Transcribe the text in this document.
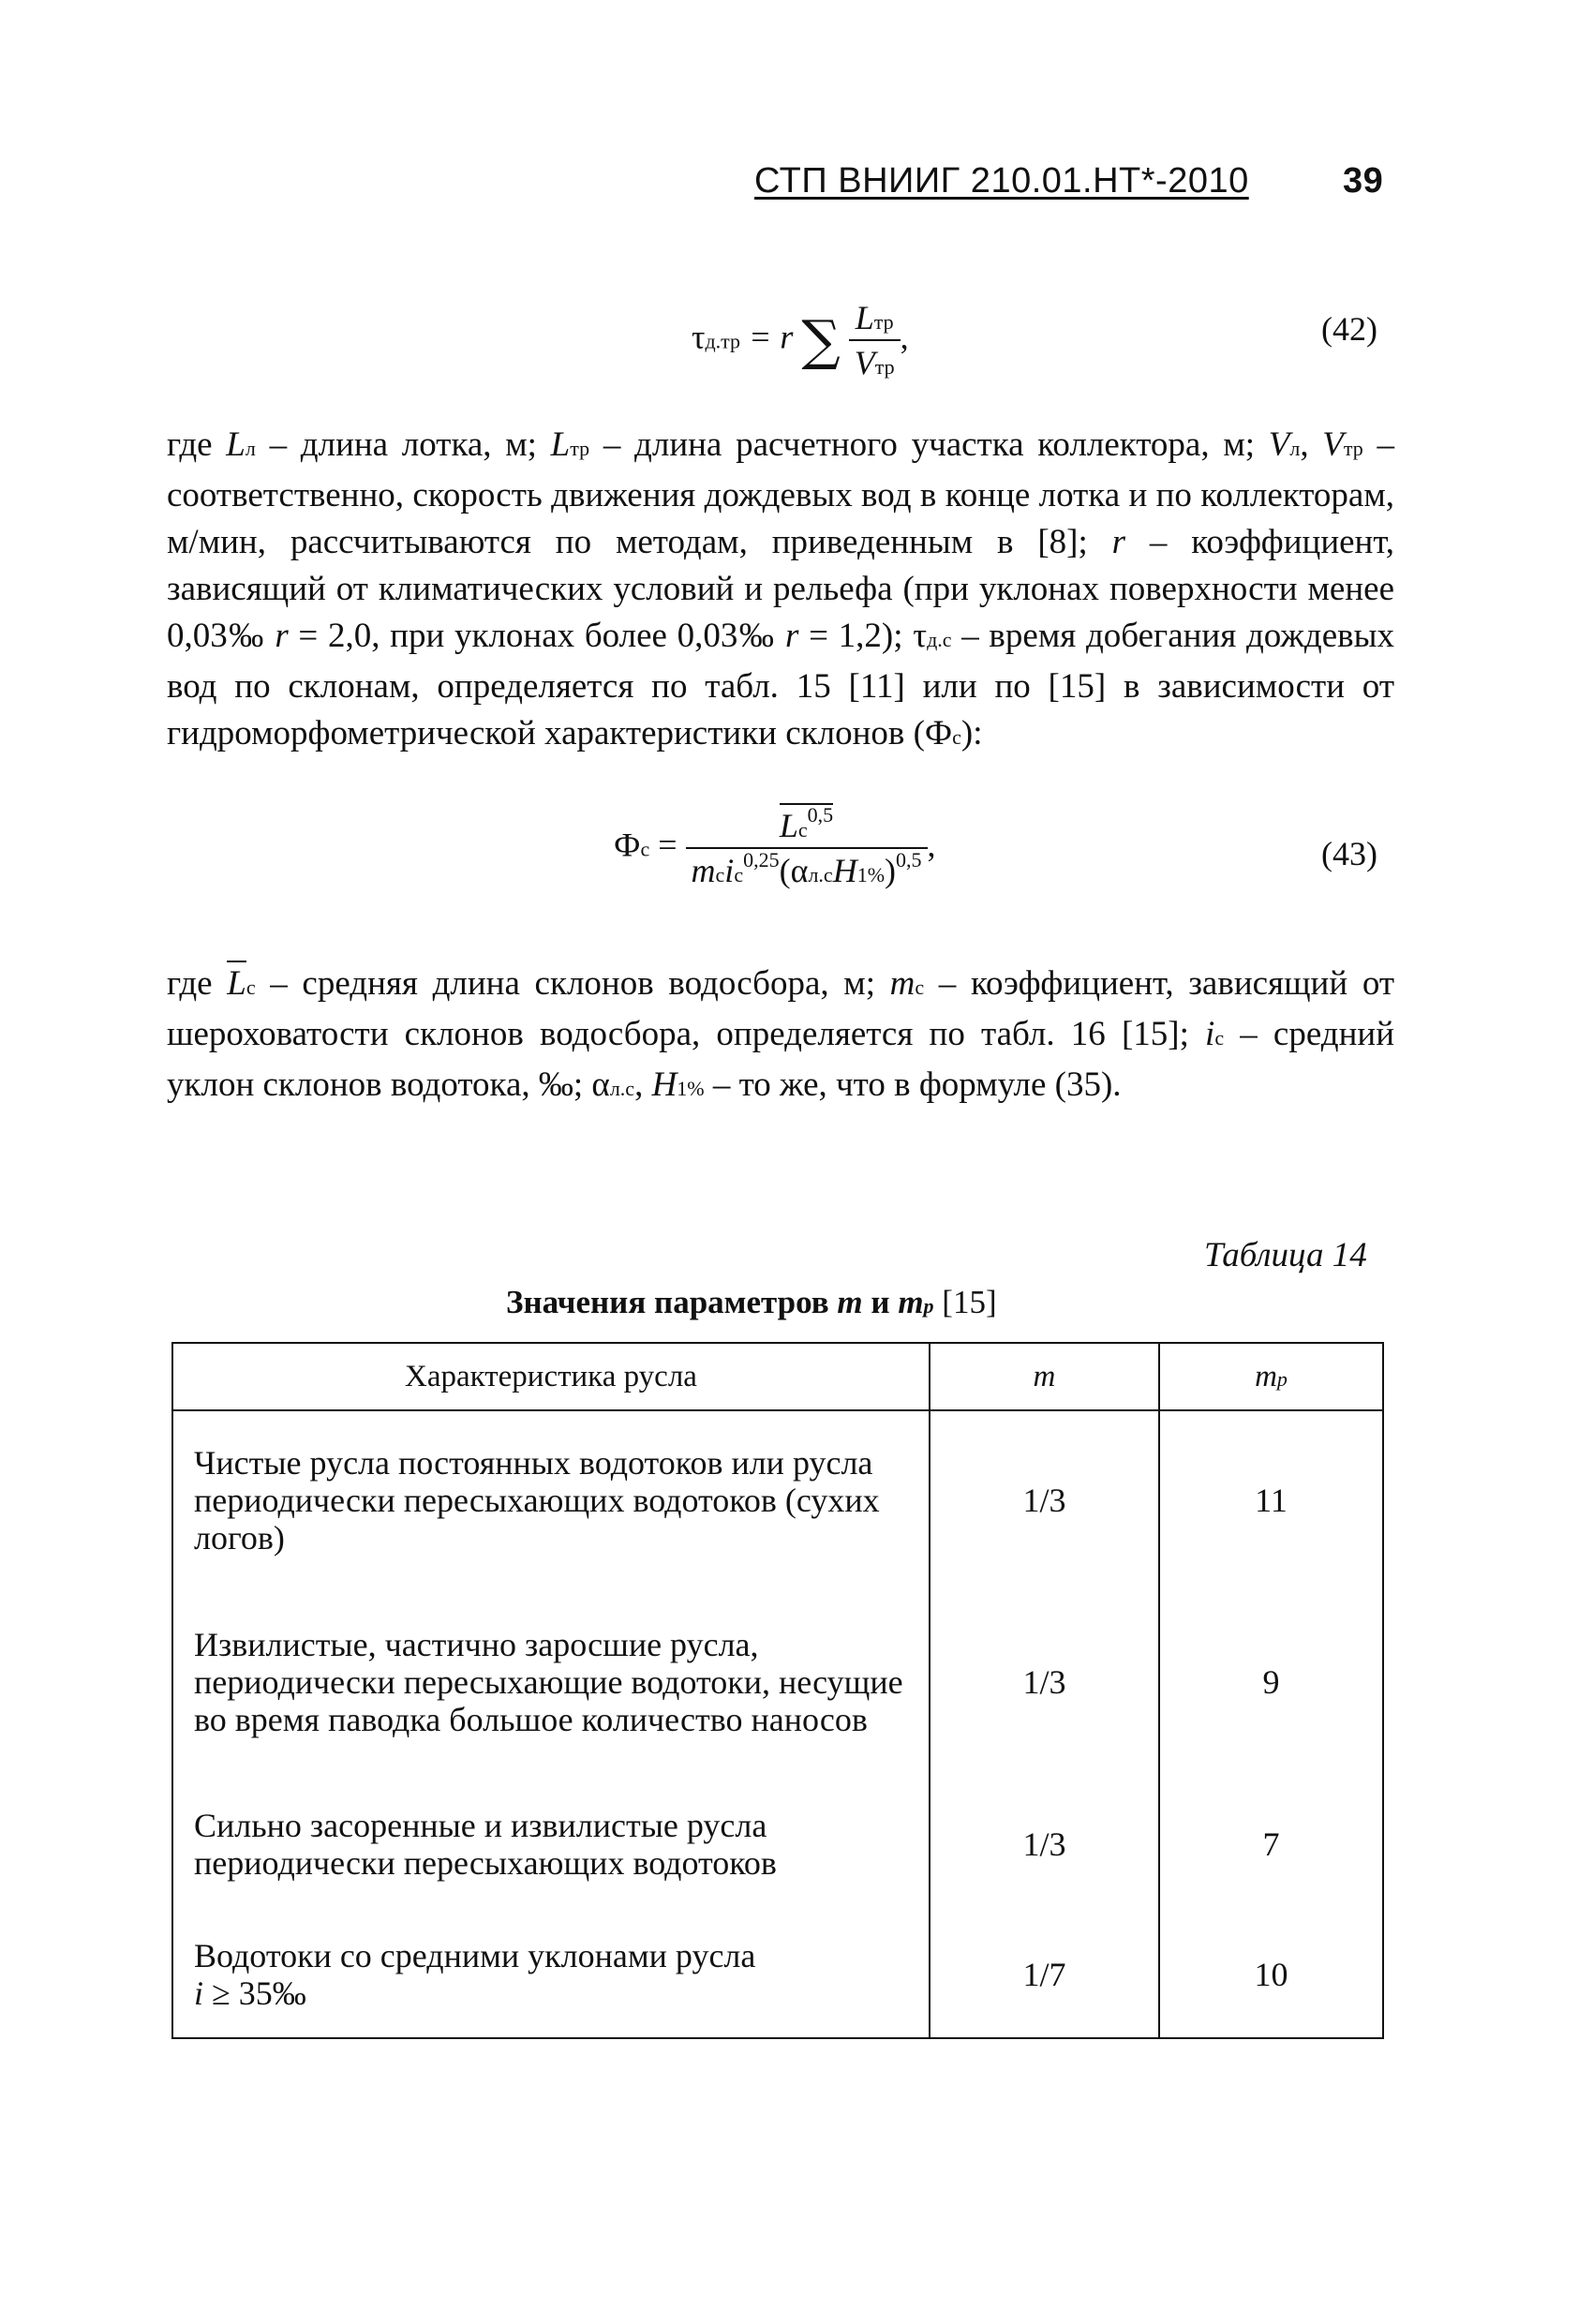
СТП ВНИИГ 210.01.НТ*-2010	39
τд.тр = r ∑ $\frac{\text{Lтр}}{\text{Vтр}}$ ,	(42)
где Lл – длина лотка, м; Lтр – длина расчетного участка коллектора, м; Vл, Vтр – соответственно, скорость движения дождевых вод в конце лотка и по коллекторам, м/мин, рассчитываются по методам, приведенным в [8]; r – коэффициент, зависящий от климатических условий и рельефа (при уклонах поверхности менее 0,03‰ r = 2,0, при уклонах более 0,03‰ r = 1,2); τд.с – время добегания дождевых вод по склонам, определяется по табл. 15 [11] или по [15] в зависимости от гидроморфометрической характеристики склонов (Фс):
Фс = $\frac{Lс^{0,5}}{mсiс^{0,25}(\alpha л.сH1\%)^{0,5}}$ ,	(43)
где Lс – средняя длина склонов водосбора, м; mс – коэффициент, зависящий от шероховатости склонов водосбора, определяется по табл. 16 [15]; iс – средний уклон склонов водотока, ‰; αл.с, H1% – то же, что в формуле (35).
Таблица 14
Значения параметров m и mp [15]
Характеристика русла	m	mp
Чистые русла постоянных водотоков или русла периодически пересыхающих водотоков (сухих логов)	1/3	11
Извилистые, частично заросшие русла, периодически пересыхающие водотоки, несущие во время паводка большое количество наносов	1/3	9
Сильно засоренные и извилистые русла периодически пересыхающих водотоков	1/3	7
Водотоки со средними уклонами русла
i ≥ 35‰	1/7	10
